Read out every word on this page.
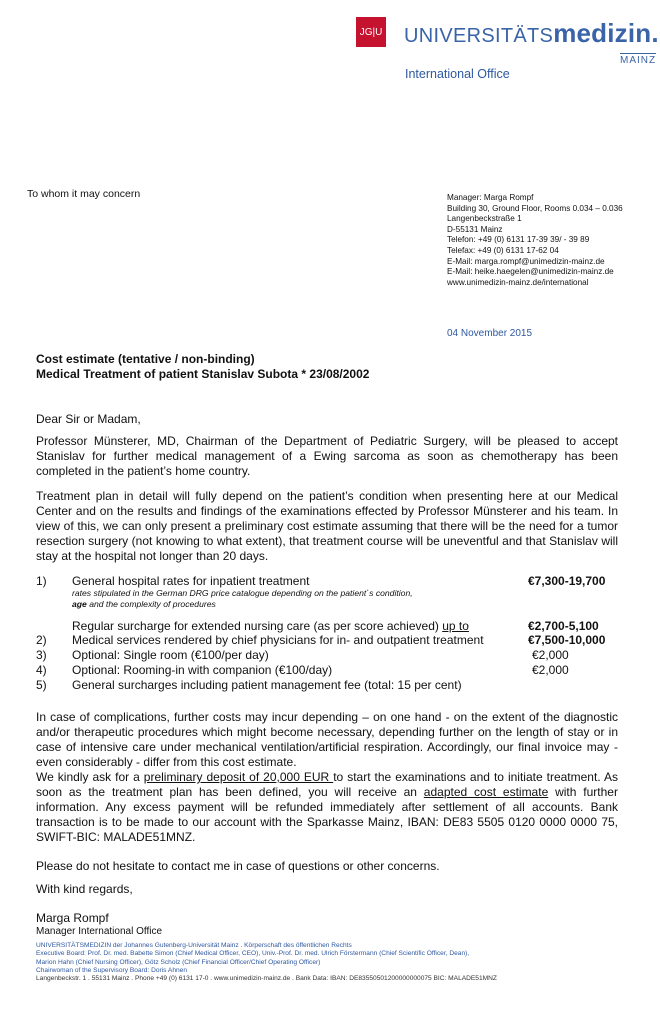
JG|U UNIVERSITÄTSmedizin.
MAINZ
International Office
To whom it may concern	Manager: Marga Rompf
Building 30, Ground Floor, Rooms 0.034 – 0.036
Langenbeckstraße 1
D-55131 Mainz
Telefon: +49 (0) 6131 17-39 39/ - 39 89
Telefax: +49 (0) 6131 17-62 04
E-Mail: marga.rompf@unimedizin-mainz.de
E-Mail: heike.haegelen@unimedizin-mainz.de
www.unimedizin-mainz.de/international
04 November 2015
Cost estimate (tentative / non-binding)
Medical Treatment of patient Stanislav Subota * 23/08/2002
Dear Sir or Madam,
Professor Münsterer, MD, Chairman of the Department of Pediatric Surgery, will be pleased to accept Stanislav for further medical management of a Ewing sarcoma as soon as chemotherapy has been completed in the patient’s home country.
Treatment plan in detail will fully depend on the patient’s condition when presenting here at our Medical Center and on the results and findings of the examinations effected by Professor Münsterer and his team. In view of this, we can only present a preliminary cost estimate assuming that there will be the need for a tumor resection surgery (not knowing to what extent), that treatment course will be uneventful and that Stanislav will stay at the hospital not longer than 20 days.
1) General hospital rates for inpatient treatment	€7,300-19,700
rates stipulated in the German DRG price catalogue depending on the patient`s condition,
age and the complexity of procedures
Regular surcharge for extended nursing care (as per score achieved) up to	€2,700-5,100
2) Medical services rendered by chief physicians for in- and outpatient treatment	€7,500-10,000
3) Optional: Single room (€100/per day)	€2,000
4) Optional: Rooming-in with companion (€100/day)	€2,000
5) General surcharges including patient management fee (total: 15 per cent)
In case of complications, further costs may incur depending – on one hand - on the extent of the diagnostic and/or therapeutic procedures which might become necessary, depending further on the length of stay or in case of intensive care under mechanical ventilation/artificial respiration. Accordingly, our final invoice may - even considerably - differ from this cost estimate.
We kindly ask for a preliminary deposit of 20,000 EUR to start the examinations and to initiate treatment. As soon as the treatment plan has been defined, you will receive an adapted cost estimate with further information. Any excess payment will be refunded immediately after settlement of all accounts. Bank transaction is to be made to our account with the Sparkasse Mainz, IBAN: DE83 5505 0120 0000 0000 75, SWIFT-BIC: MALADE51MNZ.
Please do not hesitate to contact me in case of questions or other concerns.
With kind regards,
Marga Rompf
Manager International Office
UNIVERSITÄTSMEDIZIN der Johannes Gutenberg-Universität Mainz . Körperschaft des öffentlichen Rechts
Executive Board: Prof. Dr. med. Babette Simon (Chief Medical Officer, CEO), Univ.-Prof. Dr. med. Ulrich Förstermann (Chief Scientific Officer, Dean),
Marion Hahn (Chief Nursing Officer), Götz Scholz (Chief Financial Officer/Chief Operating Officer)
Chairwoman of the Supervisory Board: Doris Ahnen
Langenbeckstr. 1 . 55131 Mainz . Phone +49 (0) 6131 17-0 . www.unimedizin-mainz.de . Bank Data: IBAN: DE83550501200000000075 BIC: MALADE51MNZ
